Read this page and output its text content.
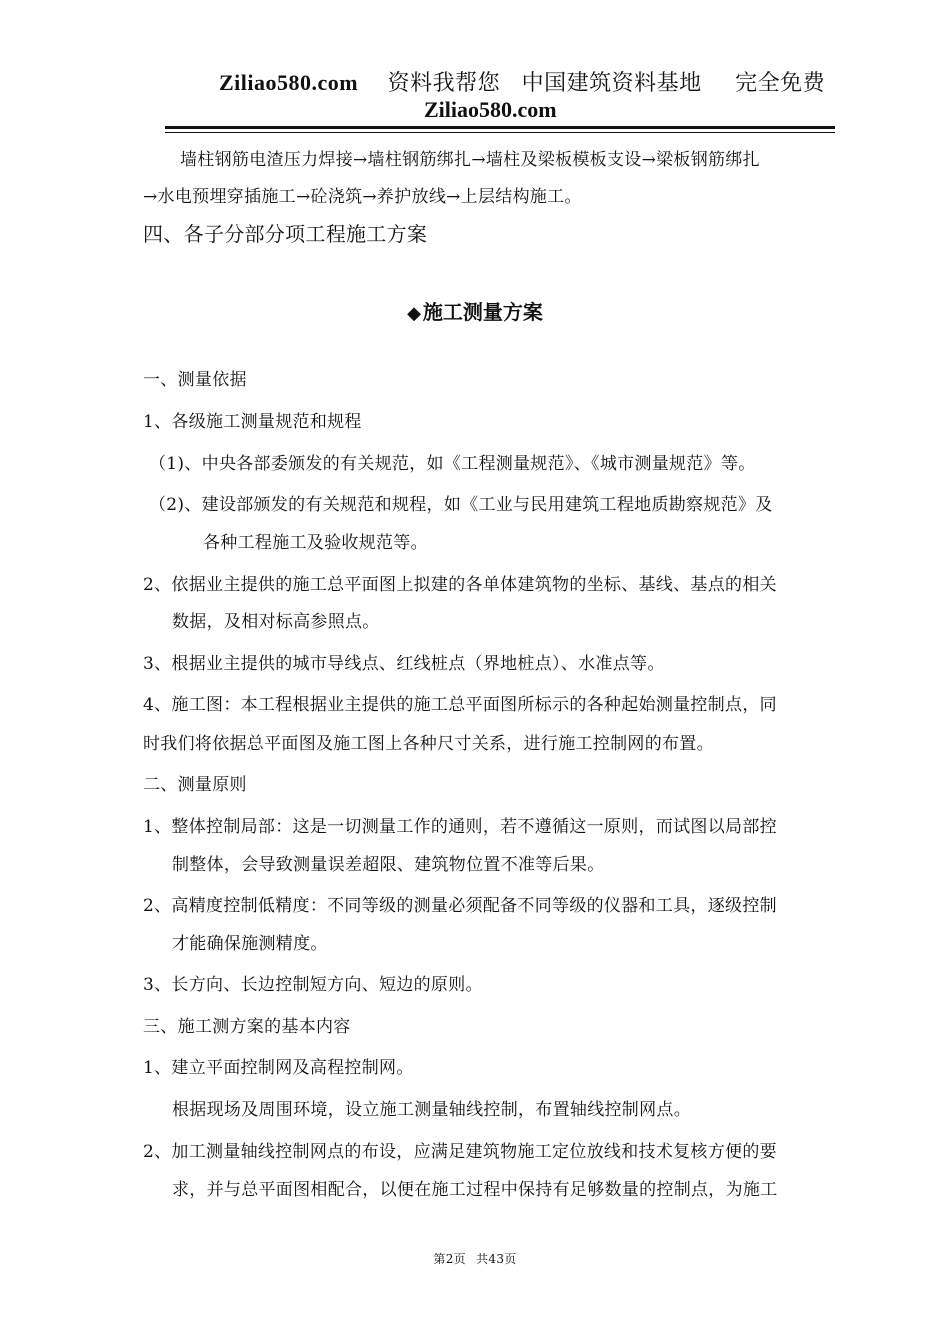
Ziliao580.com 资料我帮您 中国建筑资料基地 完全免费
Ziliao580.com
墙柱钢筋电渣压力焊接→墙柱钢筋绑扎→墙柱及梁板模板支设→梁板钢筋绑扎
→水电预埋穿插施工→砼浇筑→养护放线→上层结构施工。
四、各子分部分项工程施工方案
◆ 施工测量方案
一、测量依据
1、各级施工测量规范和规程
（1)、中央各部委颁发的有关规范，如《工程测量规范》、《城市测量规范》等。
（2)、建设部颁发的有关规范和规程，如《工业与民用建筑工程地质勘察规范》及
各种工程施工及验收规范等。
2、依据业主提供的施工总平面图上拟建的各单体建筑物的坐标、基线、基点的相关
数据，及相对标高参照点。
3、根据业主提供的城市导线点、红线桩点（界地桩点）、水准点等。
4、施工图：本工程根据业主提供的施工总平面图所标示的各种起始测量控制点，同
时我们将依据总平面图及施工图上各种尺寸关系，进行施工控制网的布置。
二、测量原则
1、整体控制局部：这是一切测量工作的通则，若不遵循这一原则，而试图以局部控
制整体，会导致测量误差超限、建筑物位置不准等后果。
2、高精度控制低精度：不同等级的测量必须配备不同等级的仪器和工具，逐级控制
才能确保施测精度。
3、长方向、长边控制短方向、短边的原则。
三、施工测方案的基本内容
1、建立平面控制网及高程控制网。
根据现场及周围环境，设立施工测量轴线控制，布置轴线控制网点。
2、加工测量轴线控制网点的布设，应满足建筑物施工定位放线和技术复核方便的要
求，并与总平面图相配合，以便在施工过程中保持有足够数量的控制点，为施工
第2页 共43页
